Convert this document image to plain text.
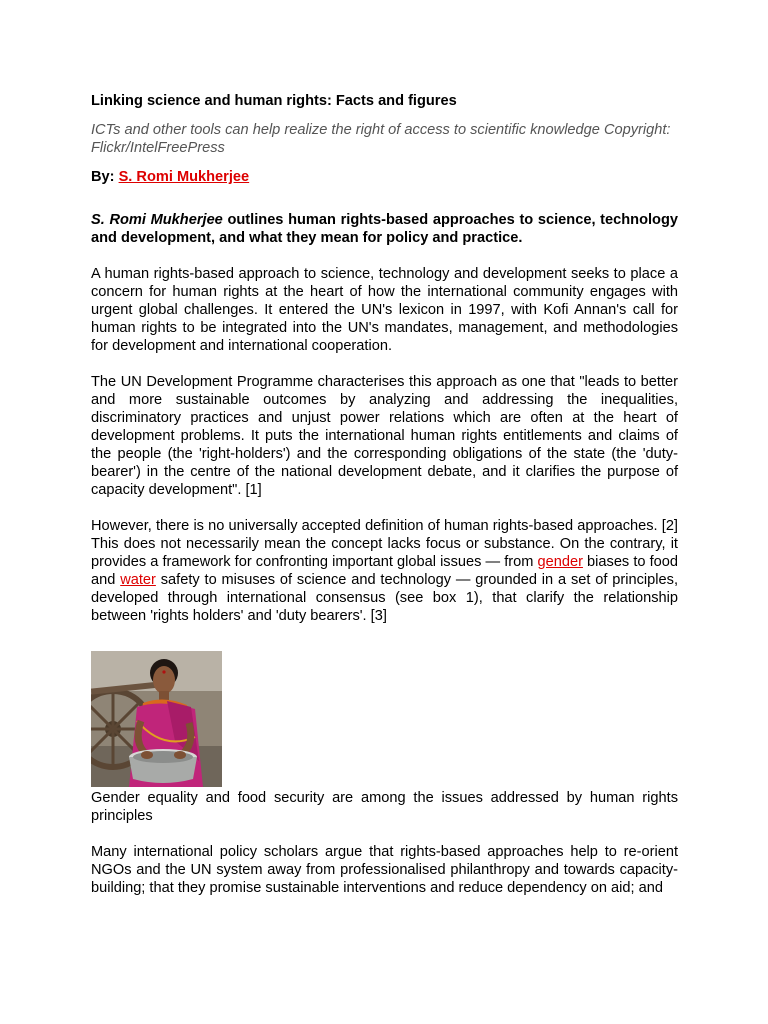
Linking science and human rights: Facts and figures
ICTs and other tools can help realize the right of access to scientific knowledge Copyright: Flickr/IntelFreePress
By: S. Romi Mukherjee

S. Romi Mukherjee outlines human rights-based approaches to science, technology and development, and what they mean for policy and practice.

A human rights-based approach to science, technology and development seeks to place a concern for human rights at the heart of how the international community engages with urgent global challenges. It entered the UN's lexicon in 1997, with Kofi Annan's call for human rights to be integrated into the UN's mandates, management, and methodologies for development and international cooperation.

The UN Development Programme characterises this approach as one that "leads to better and more sustainable outcomes by analyzing and addressing the inequalities, discriminatory practices and unjust power relations which are often at the heart of development problems. It puts the international human rights entitlements and claims of the people (the 'right-holders') and the corresponding obligations of the state (the 'duty-bearer') in the centre of the national development debate, and it clarifies the purpose of capacity development". [1]

However, there is no universally accepted definition of human rights-based approaches. [2] This does not necessarily mean the concept lacks focus or substance. On the contrary, it provides a framework for confronting important global issues — from gender biases to food and water safety to misuses of science and technology — grounded in a set of principles, developed through international consensus (see box 1), that clarify the relationship between 'rights holders' and 'duty bearers'. [3]

Gender equality and food security are among the issues addressed by human rights principles

Many international policy scholars argue that rights-based approaches help to re-orient NGOs and the UN system away from professionalised philanthropy and towards capacity-building; that they promise sustainable interventions and reduce dependency on aid; and
